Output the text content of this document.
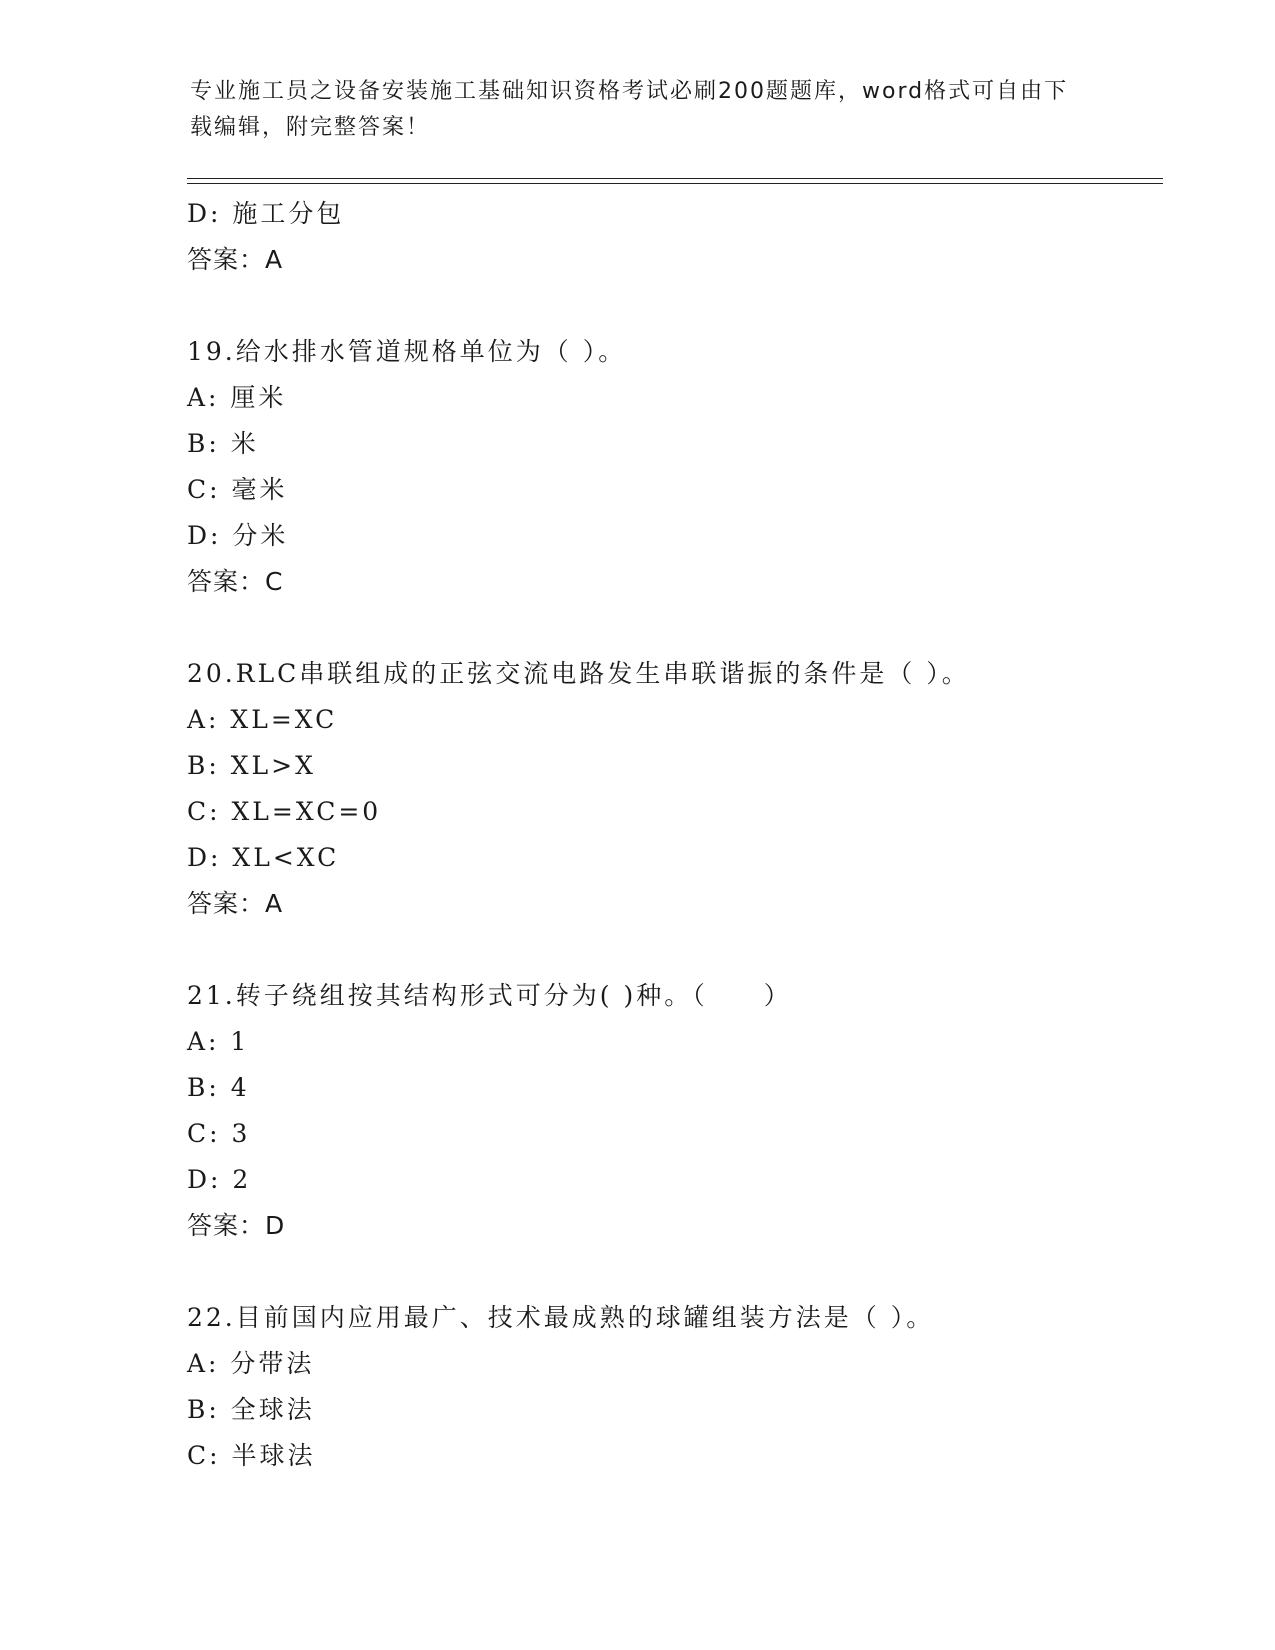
专业施工员之设备安装施工基础知识资格考试必刷200题题库，word格式可自由下载编辑，附完整答案！
D: 施工分包
答案：A
19.给水排水管道规格单位为（ ）。
A: 厘米
B: 米
C: 毫米
D: 分米
答案：C
20.RLC串联组成的正弦交流电路发生串联谐振的条件是（ ）。
A: XL=XC
B: XL>X
C: XL=XC=0
D: XL<XC
答案：A
21.转子绕组按其结构形式可分为( )种。（　　）
A: 1
B: 4
C: 3
D: 2
答案：D
22.目前国内应用最广、技术最成熟的球罐组装方法是（ ）。
A: 分带法
B: 全球法
C: 半球法
